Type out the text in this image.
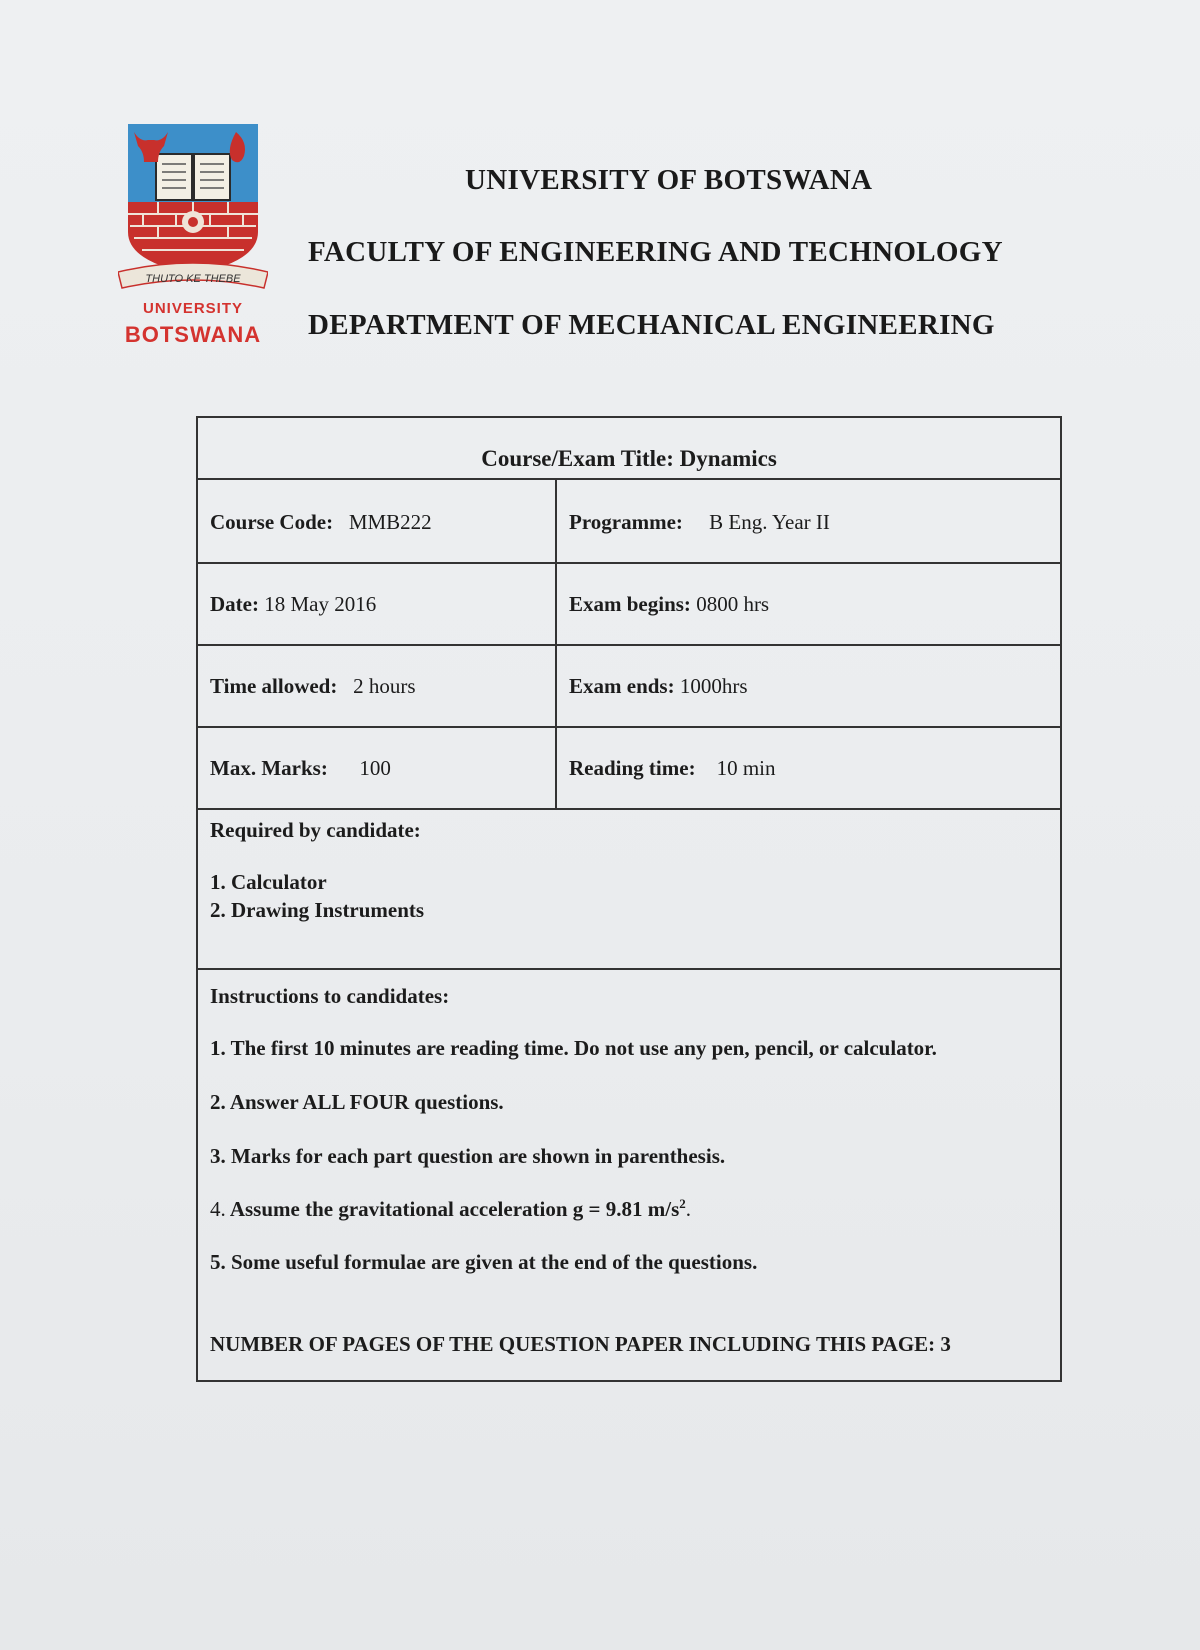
THUTO KE THEBE
UNIVERSITY
BOTSWANA
UNIVERSITY OF BOTSWANA
FACULTY OF ENGINEERING AND TECHNOLOGY
DEPARTMENT OF MECHANICAL ENGINEERING
Course/Exam Title: Dynamics
Course Code: MMB222	Programme: B Eng. Year II
Date: 18 May 2016	Exam begins: 0800 hrs
Time allowed: 2 hours	Exam ends: 1000hrs
Max. Marks: 100	Reading time: 10 min
Required by candidate:
1. Calculator
2. Drawing Instruments
Instructions to candidates:
1. The first 10 minutes are reading time. Do not use any pen, pencil, or calculator.
2. Answer ALL FOUR questions.
3. Marks for each part question are shown in parenthesis.
4. Assume the gravitational acceleration g = 9.81 $m/s^2$.
5. Some useful formulae are given at the end of the questions.
NUMBER OF PAGES OF THE QUESTION PAPER INCLUDING THIS PAGE: 3
